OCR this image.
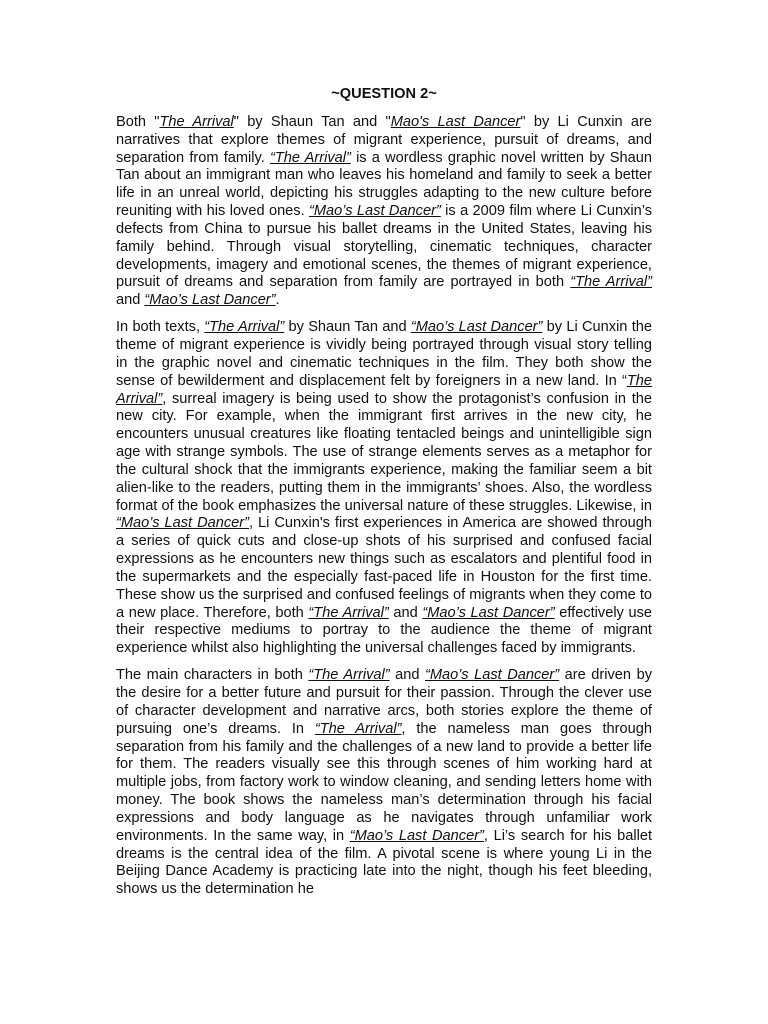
~QUESTION 2~

Both "The Arrival" by Shaun Tan and "Mao's Last Dancer" by Li Cunxin are narratives that explore themes of migrant experience, pursuit of dreams, and separation from family. “The Arrival” is a wordless graphic novel written by Shaun Tan about an immigrant man who leaves his homeland and family to seek a better life in an unreal world, depicting his struggles adapting to the new culture before reuniting with his loved ones. “Mao’s Last Dancer” is a 2009 film where Li Cunxin’s defects from China to pursue his ballet dreams in the United States, leaving his family behind. Through visual storytelling, cinematic techniques, character developments, imagery and emotional scenes, the themes of migrant experience, pursuit of dreams and separation from family are portrayed in both “The Arrival” and “Mao’s Last Dancer”.

In both texts, “The Arrival” by Shaun Tan and “Mao’s Last Dancer” by Li Cunxin the theme of migrant experience is vividly being portrayed through visual story telling in the graphic novel and cinematic techniques in the film. They both show the sense of bewilderment and displacement felt by foreigners in a new land. In “The Arrival”, surreal imagery is being used to show the protagonist’s confusion in the new city. For example, when the immigrant first arrives in the new city, he encounters unusual creatures like floating tentacled beings and unintelligible sign age with strange symbols. The use of strange elements serves as a metaphor for the cultural shock that the immigrants experience, making the familiar seem a bit alien-like to the readers, putting them in the immigrants’ shoes. Also, the wordless format of the book emphasizes the universal nature of these struggles. Likewise, in “Mao’s Last Dancer”, Li Cunxin's first experiences in America are showed through a series of quick cuts and close-up shots of his surprised and confused facial expressions as he encounters new things such as escalators and plentiful food in the supermarkets and the especially fast-paced life in Houston for the first time. These show us the surprised and confused feelings of migrants when they come to a new place. Therefore, both “The Arrival” and “Mao’s Last Dancer” effectively use their respective mediums to portray to the audience the theme of migrant experience whilst also highlighting the universal challenges faced by immigrants.

The main characters in both “The Arrival” and “Mao’s Last Dancer” are driven by the desire for a better future and pursuit for their passion. Through the clever use of character development and narrative arcs, both stories explore the theme of pursuing one’s dreams. In “The Arrival”, the nameless man goes through separation from his family and the challenges of a new land to provide a better life for them. The readers visually see this through scenes of him working hard at multiple jobs, from factory work to window cleaning, and sending letters home with money. The book shows the nameless man’s determination through his facial expressions and body language as he navigates through unfamiliar work environments. In the same way, in “Mao’s Last Dancer”, Li’s search for his ballet dreams is the central idea of the film. A pivotal scene is where young Li in the Beijing Dance Academy is practicing late into the night, though his feet bleeding, shows us the determination he
